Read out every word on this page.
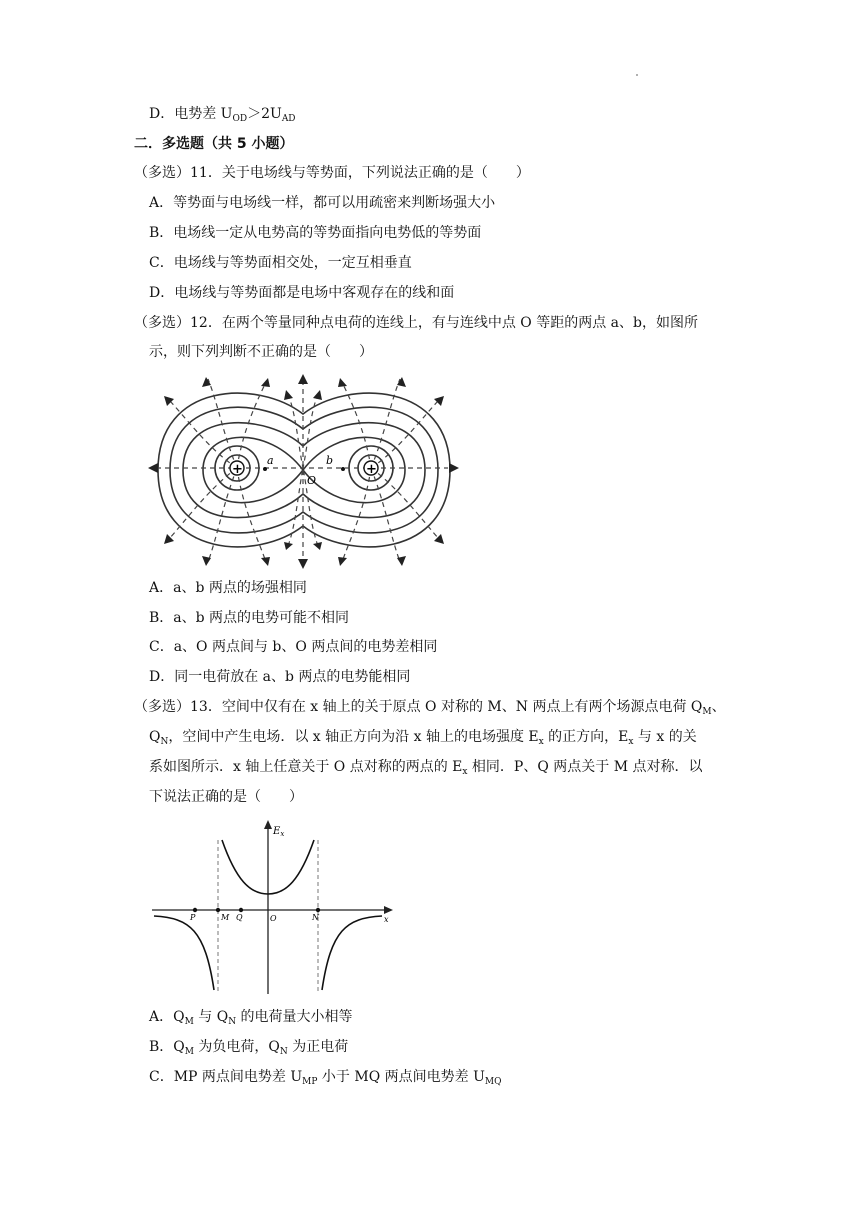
D．电势差 $U_{OD}>2U_{AD}$
二．多选题（共 5 小题）
（多选）11．关于电场线与等势面，下列说法正确的是（　　）
A．等势面与电场线一样，都可以用疏密来判断场强大小
B．电场线一定从电势高的等势面指向电势低的等势面
C．电场线与等势面相交处，一定互相垂直
D．电场线与等势面都是电场中客观存在的线和面
（多选）12．在两个等量同种点电荷的连线上，有与连线中点 O 等距的两点 a、b，如图所
示，则下列判断不正确的是（　　）
+	+
a	b
O
A．a、b 两点的场强相同
B．a、b 两点的电势可能不相同
C．a、O 两点间与 b、O 两点间的电势差相同
D．同一电荷放在 a、b 两点的电势能相同
（多选）13．空间中仅有在 x 轴上的关于原点 O 对称的 M、N 两点上有两个场源点电荷 $Q_M$、
$Q_N$，空间中产生电场．以 x 轴正方向为沿 x 轴上的电场强度 $E_x$ 的正方向，$E_x$ 与 x 的关
系如图所示．x 轴上任意关于 O 点对称的两点的 $E_x$ 相同．P、Q 两点关于 M 点对称．以
下说法正确的是（　　）
$E_x$
P	M Q	O	N	x
A．$Q_M$ 与 $Q_N$ 的电荷量大小相等
B．$Q_M$ 为负电荷，$Q_N$ 为正电荷
C．MP 两点间电势差 $U_{MP}$ 小于 MQ 两点间电势差 $U_{MQ}$
